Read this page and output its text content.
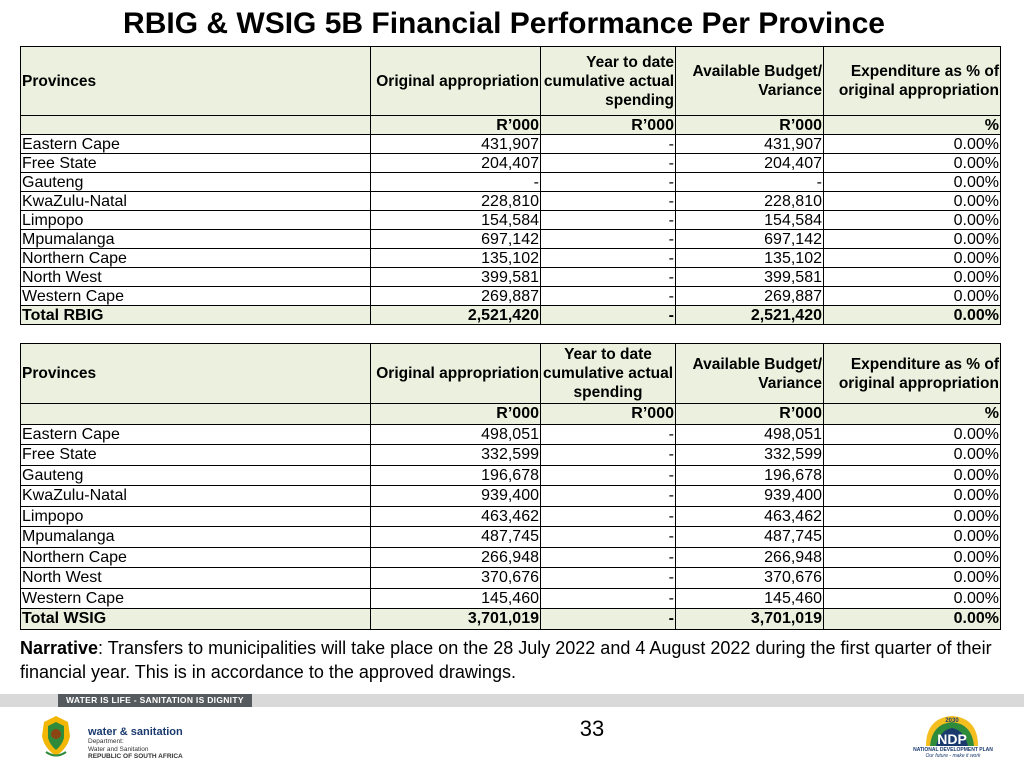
RBIG & WSIG 5B Financial Performance Per Province
Provinces	Original appropriation	Year to date cumulative actual spending	Available Budget/ Variance	Expenditure as % of original appropriation
	R’000	R’000	R’000	%
Eastern Cape	431,907	-	431,907	0.00%
Free State	204,407	-	204,407	0.00%
Gauteng	-	-	-	0.00%
KwaZulu-Natal	228,810	-	228,810	0.00%
Limpopo	154,584	-	154,584	0.00%
Mpumalanga	697,142	-	697,142	0.00%
Northern Cape	135,102	-	135,102	0.00%
North West	399,581	-	399,581	0.00%
Western Cape	269,887	-	269,887	0.00%
Total RBIG	2,521,420	-	2,521,420	0.00%
Provinces	Original appropriation	Year to date cumulative actual spending	Available Budget/ Variance	Expenditure as % of original appropriation
	R’000	R’000	R’000	%
Eastern Cape	498,051	-	498,051	0.00%
Free State	332,599	-	332,599	0.00%
Gauteng	196,678	-	196,678	0.00%
KwaZulu-Natal	939,400	-	939,400	0.00%
Limpopo	463,462	-	463,462	0.00%
Mpumalanga	487,745	-	487,745	0.00%
Northern Cape	266,948	-	266,948	0.00%
North West	370,676	-	370,676	0.00%
Western Cape	145,460	-	145,460	0.00%
Total WSIG	3,701,019	-	3,701,019	0.00%
Narrative: Transfers to municipalities will take place on the 28 July 2022 and 4 August 2022 during the first quarter of their financial year. This is in accordance to the approved drawings.
WATER IS LIFE - SANITATION IS DIGNITY
water & sanitation
Department:
Water and Sanitation
REPUBLIC OF SOUTH AFRICA
33	2030
NDP
NATIONAL DEVELOPMENT PLAN
Our future - make it work
